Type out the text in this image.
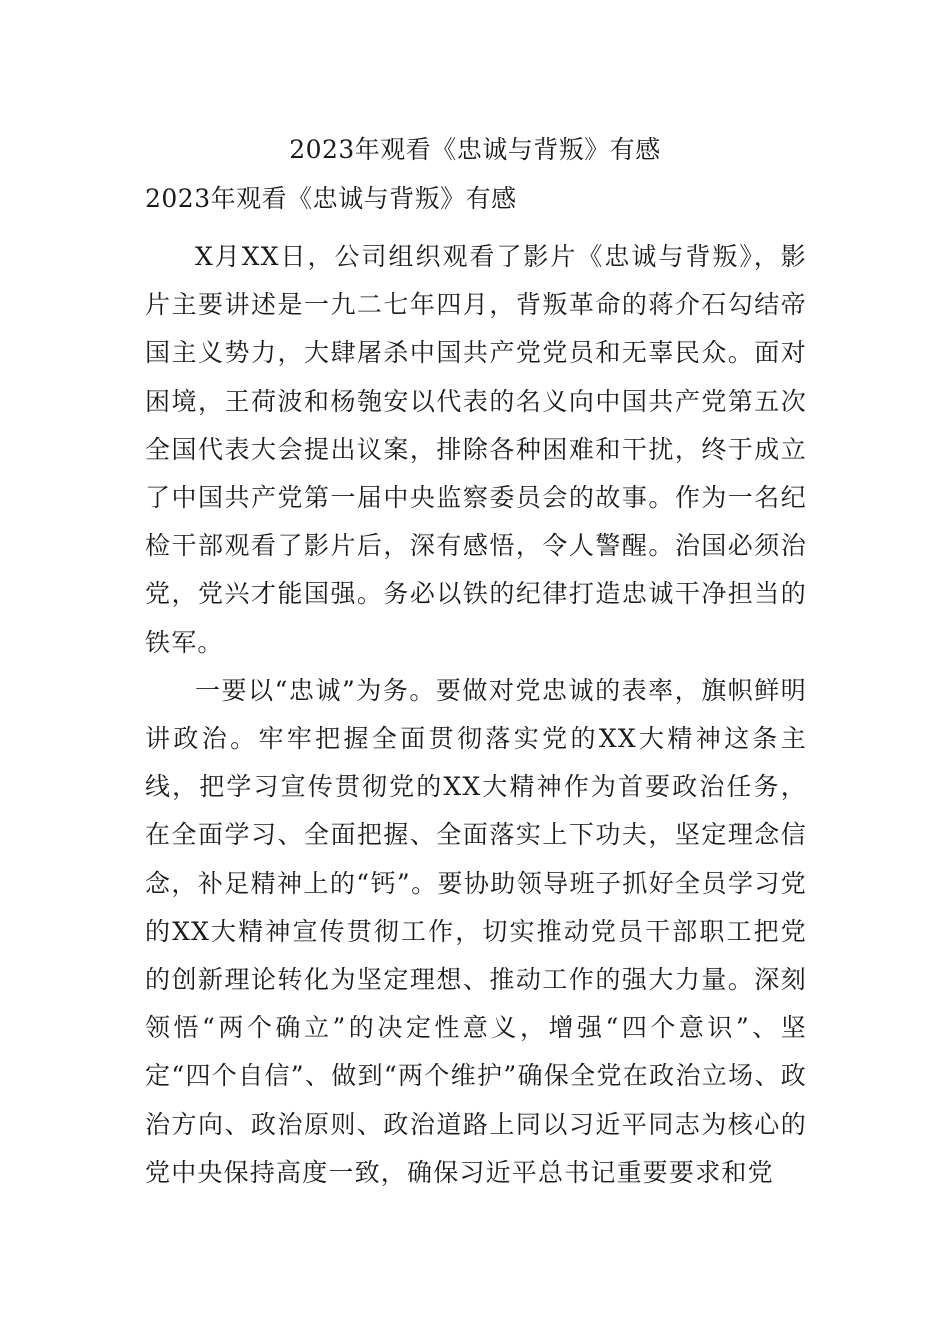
2023年观看《忠诚与背叛》有感
2023年观看《忠诚与背叛》有感

X月XX日，公司组织观看了影片《忠诚与背叛》，影片主要讲述是一九二七年四月，背叛革命的蒋介石勾结帝国主义势力，大肆屠杀中国共产党党员和无辜民众。面对困境，王荷波和杨匏安以代表的名义向中国共产党第五次全国代表大会提出议案，排除各种困难和干扰，终于成立了中国共产党第一届中央监察委员会的故事。作为一名纪检干部观看了影片后，深有感悟，令人警醒。治国必须治党，党兴才能国强。务必以铁的纪律打造忠诚干净担当的铁军。

一要以“忠诚”为务。要做对党忠诚的表率，旗帜鲜明讲政治。牢牢把握全面贯彻落实党的XX大精神这条主线，把学习宣传贯彻党的XX大精神作为首要政治任务，在全面学习、全面把握、全面落实上下功夫，坚定理念信念，补足精神上的“钙”。要协助领导班子抓好全员学习党的XX大精神宣传贯彻工作，切实推动党员干部职工把党的创新理论转化为坚定理想、推动工作的强大力量。深刻领悟“两个确立”的决定性意义，增强“四个意识”、坚定“四个自信”、做到“两个维护”确保全党在政治立场、政治方向、政治原则、政治道路上同以习近平同志为核心的党中央保持高度一致，确保习近平总书记重要要求和党
